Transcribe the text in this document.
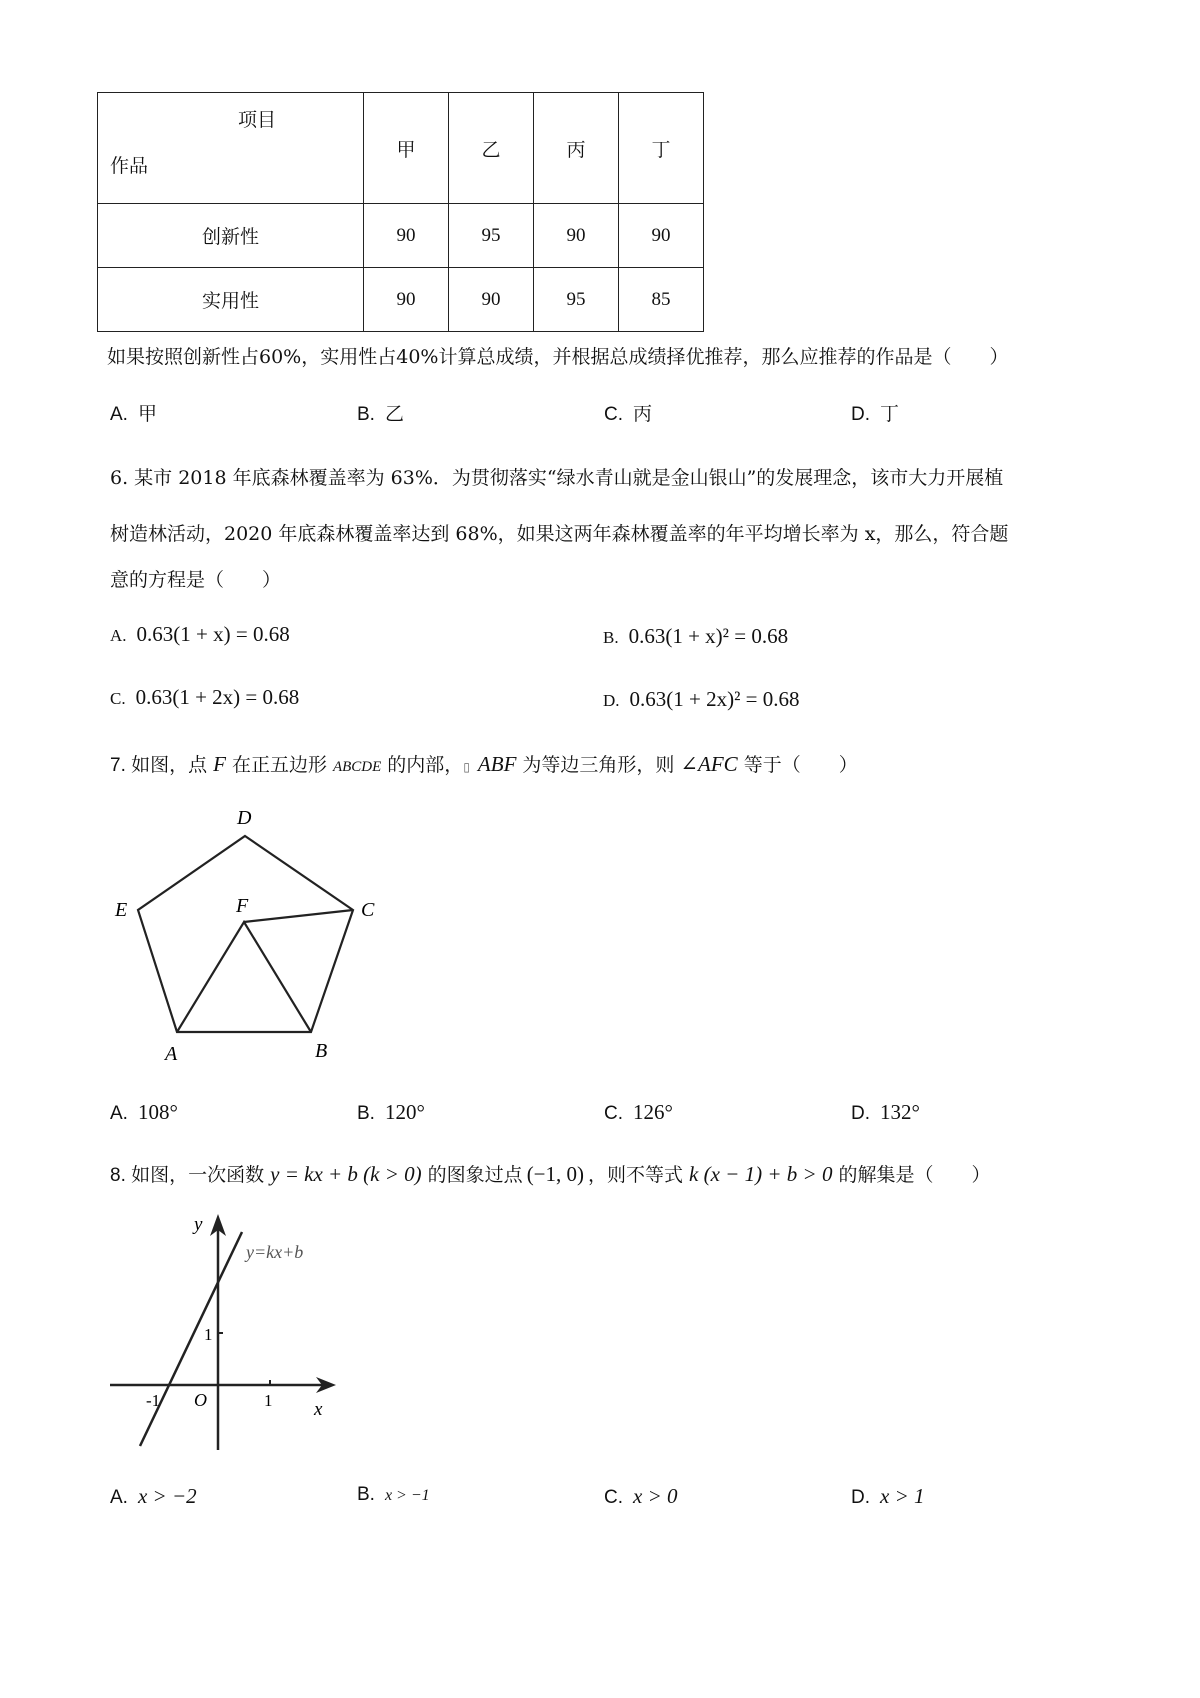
项目
作品	甲	乙	丙	丁
创新性	90	95	90	90
实用性	90	90	95	85
如果按照创新性占60%，实用性占40%计算总成绩，并根据总成绩择优推荐，那么应推荐的作品是（　　）
A. 甲	B. 乙	C. 丙	D. 丁
6. 某市 2018 年底森林覆盖率为 63%．为贯彻落实“绿水青山就是金山银山”的发展理念，该市大力开展植
树造林活动，2020 年底森林覆盖率达到 68%，如果这两年森林覆盖率的年平均增长率为 x，那么，符合题
意的方程是（　　）
A. 0.63(1 + x) = 0.68	B. 0.63(1 + x)² = 0.68
C. 0.63(1 + 2x) = 0.68	D. 0.63(1 + 2x)² = 0.68
7. 如图，点 F 在正五边形 ABCDE 的内部， ▯ ABF 为等边三角形，则 ∠AFC 等于（　　）
D
E	C
F
A	B
A. 108°	B. 120°	C. 126°	D. 132°
8. 如图，一次函数 y = kx + b (k > 0) 的图象过点 (−1, 0) ，则不等式 k (x − 1) + b > 0 的解集是（　　）
y
x
O	1
1
-1
y=kx+b
A. x > −2	B. x > −1	C. x > 0	D. x > 1
